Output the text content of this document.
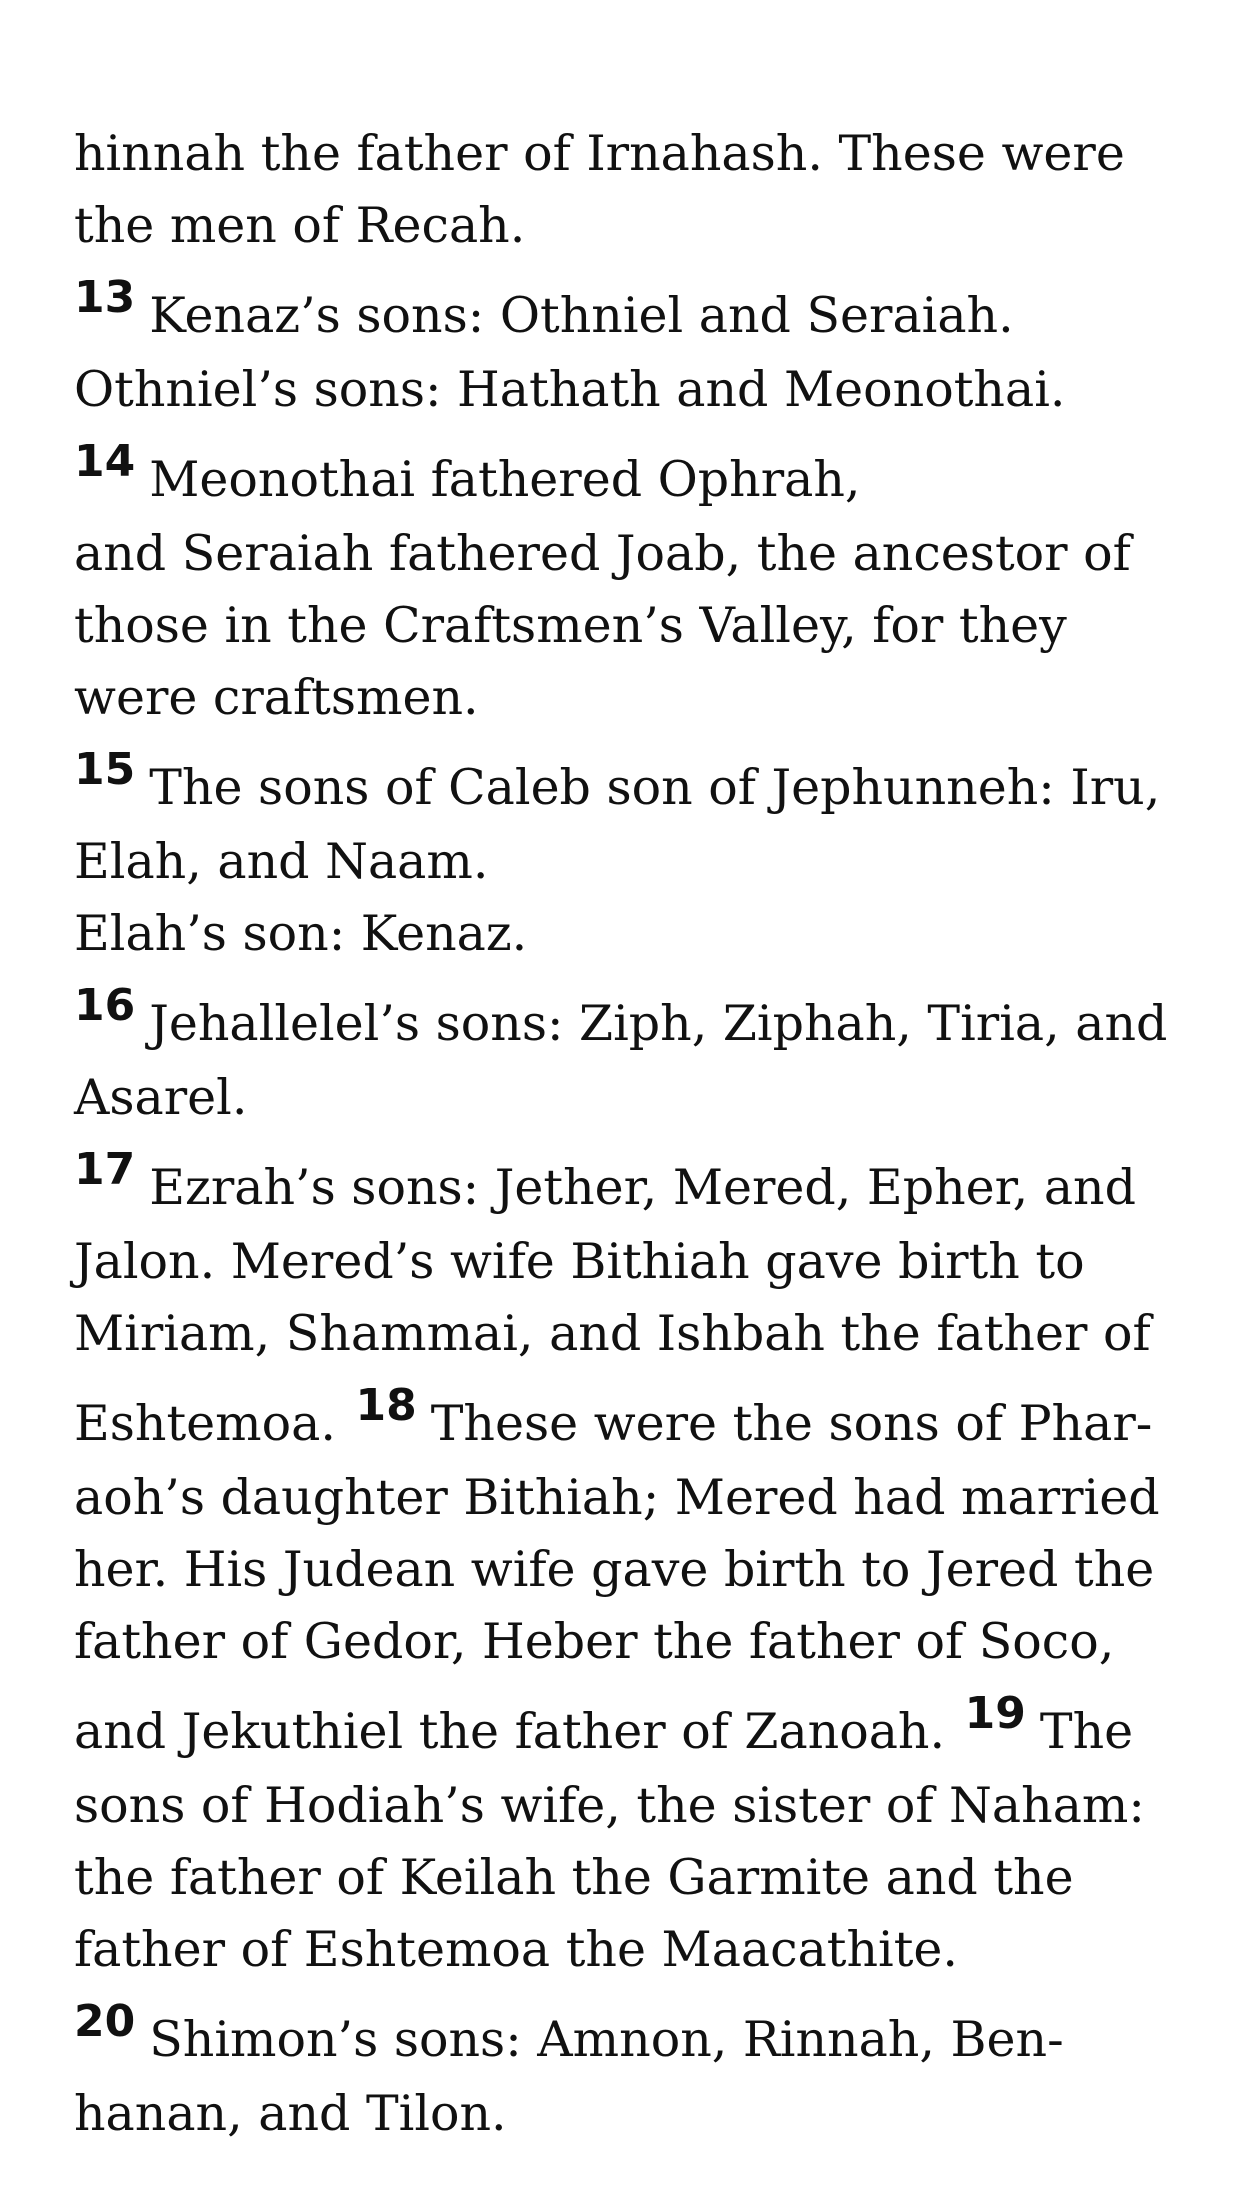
hinnah the father of Irnahash. These were
the men of Recah.
13 Kenaz’s sons: Othniel and Seraiah.
Othniel’s sons: Hathath and Meonothai.
14 Meonothai fathered Ophrah,
and Seraiah fathered Joab, the ancestor of
those in the Craftsmen’s Valley, for they
were craftsmen.
15 The sons of Caleb son of Jephunneh: Iru,
Elah, and Naam.
Elah’s son: Kenaz.
16 Jehallelel’s sons: Ziph, Ziphah, Tiria, and
Asarel.
17 Ezrah’s sons: Jether, Mered, Epher, and
Jalon. Mered’s wife Bithiah gave birth to
Miriam, Shammai, and Ishbah the father of
Eshtemoa. 18 These were the sons of Phar-
aoh’s daughter Bithiah; Mered had married
her. His Judean wife gave birth to Jered the
father of Gedor, Heber the father of Soco,
and Jekuthiel the father of Zanoah. 19 The
sons of Hodiah’s wife, the sister of Naham:
the father of Keilah the Garmite and the
father of Eshtemoa the Maacathite.
20 Shimon’s sons: Amnon, Rinnah, Ben-
hanan, and Tilon.
